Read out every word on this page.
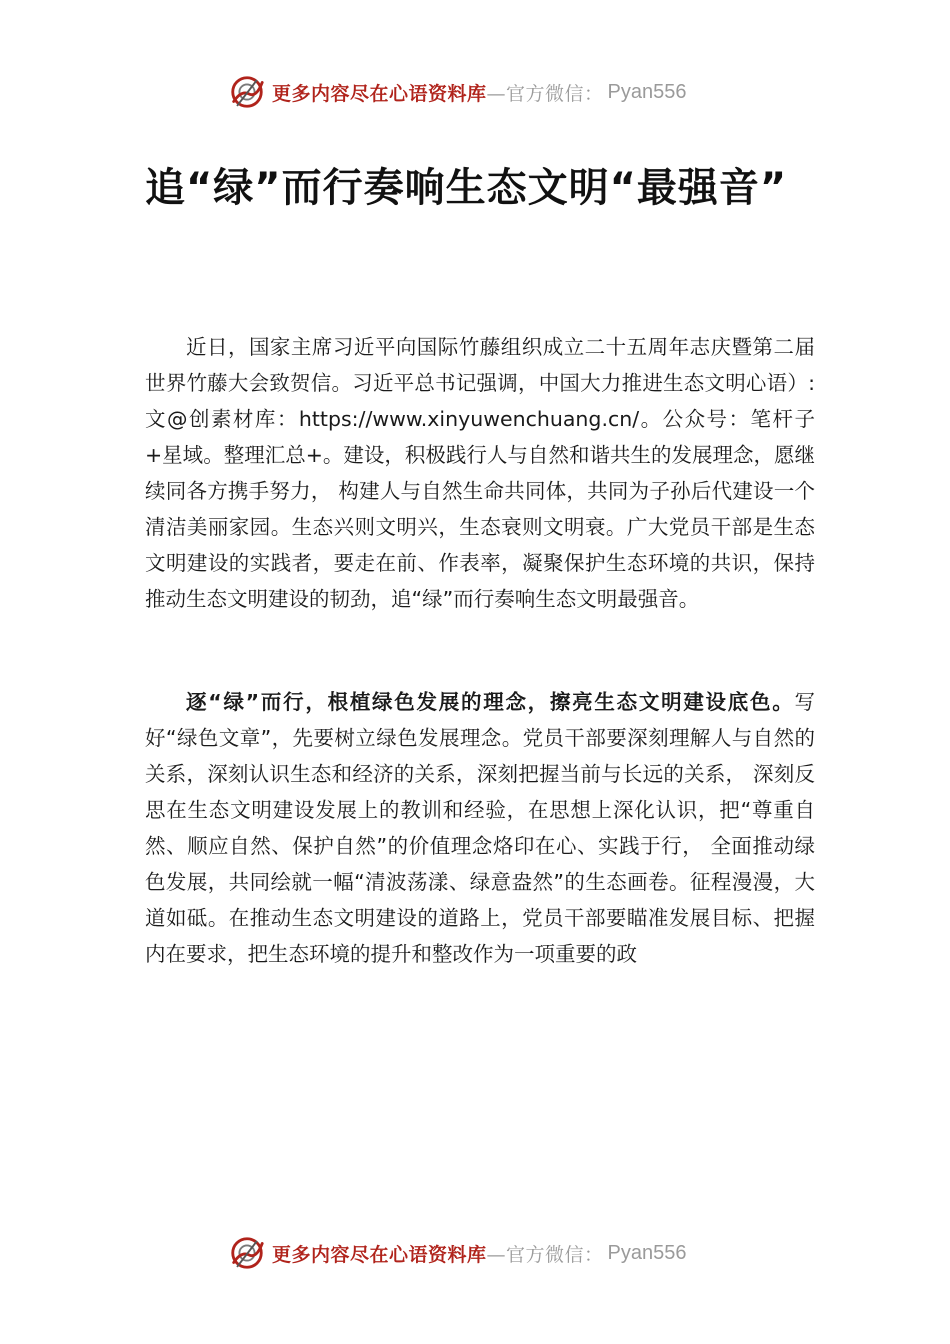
更多内容尽在心语资料库 —官方微信： Pyan556
追“绿”而行奏响生态文明“最强音”

近日，国家主席习近平向国际竹藤组织成立二十五周年志庆暨第二届世界竹藤大会致贺信。习近平总书记强调，中国大力推进生态文明心语）:文@创素材库：https://www.xinyuwenchuang.cn/。公众号：笔杆子+星域。整理汇总+。建设，积极践行人与自然和谐共生的发展理念，愿继续同各方携手努力， 构建人与自然生命共同体，共同为子孙后代建设一个清洁美丽家园。生态兴则文明兴，生态衰则文明衰。广大党员干部是生态文明建设的实践者，要走在前、作表率，凝聚保护生态环境的共识，保持推动生态文明建设的韧劲，追“绿”而行奏响生态文明最强音。

逐“绿”而行，根植绿色发展的理念，擦亮生态文明建设底色。写好“绿色文章”，先要树立绿色发展理念。党员干部要深刻理解人与自然的关系，深刻认识生态和经济的关系，深刻把握当前与长远的关系， 深刻反思在生态文明建设发展上的教训和经验，在思想上深化认识，把“尊重自然、顺应自然、保护自然”的价值理念烙印在心、实践于行， 全面推动绿色发展，共同绘就一幅“清波荡漾、绿意盎然”的生态画卷。征程漫漫，大道如砥。在推动生态文明建设的道路上，党员干部要瞄准发展目标、把握内在要求，把生态环境的提升和整改作为一项重要的政

更多内容尽在心语资料库 —官方微信： Pyan556
